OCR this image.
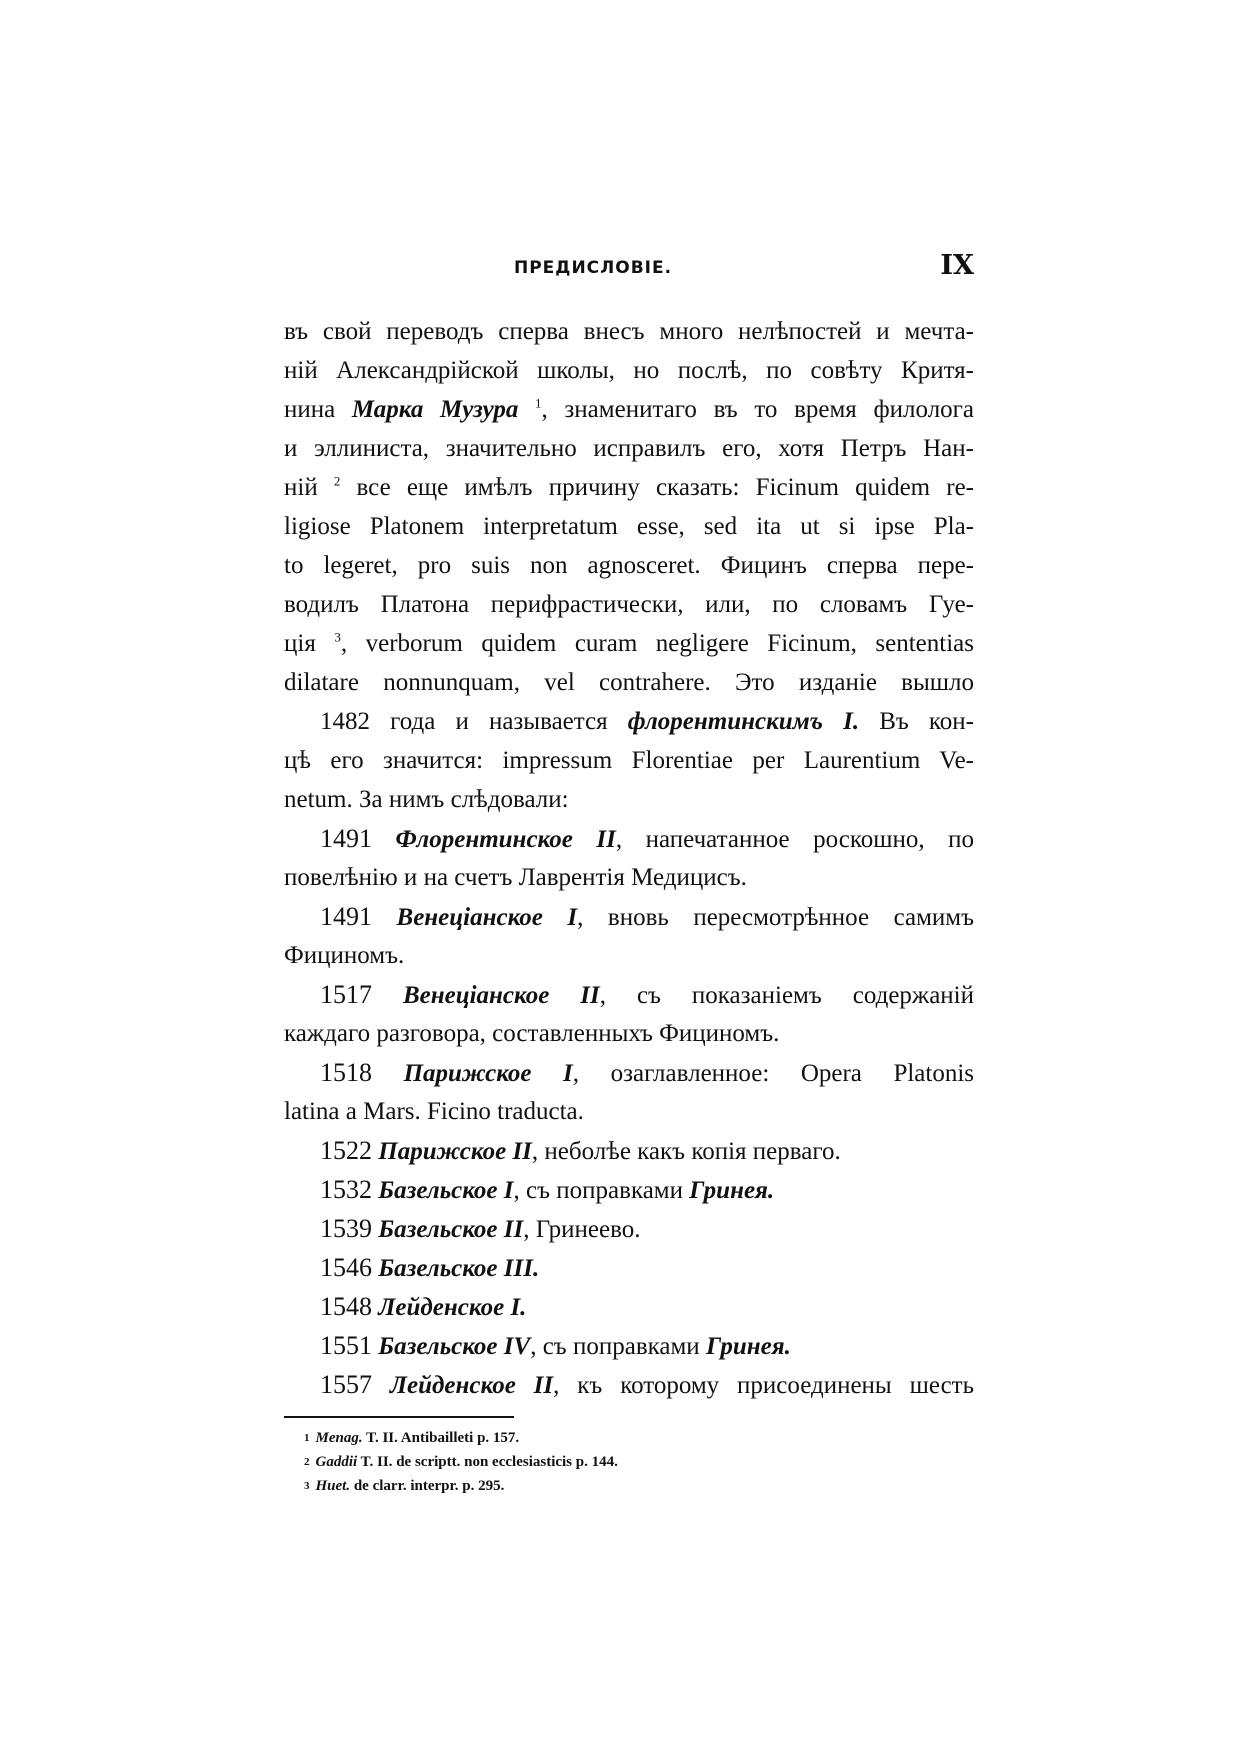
ПРЕДИСЛОВІЕ.	IX
въ свой переводъ сперва внесъ много нелѣпостей и мечта-
ній Александрійской школы, но послѣ, по совѣту Критя-
нина Марка Музура $^1$, знаменитаго въ то время филолога
и эллиниста, значительно исправилъ его, хотя Петръ Нан-
ній $^2$ все еще имѣлъ причину сказать: Ficinum quidem re-
ligiose Platonem interpretatum esse, sed ita ut si ipse Pla-
to legeret, pro suis non agnosceret. Фицинъ сперва пере-
водилъ Платона перифрастически, или, по словамъ Гуе-
ція $^3$, verborum quidem curam negligere Ficinum, sententias
dilatare nonnunquam, vel contrahere. Это изданіе вышло
1482 года и называется флорентинскимъ I. Въ кон-
цѣ его значится: impressum Florentiae per Laurentium Ve-
netum. За нимъ слѣдовали:
1491 Флорентинское II, напечатанное роскошно, по
повелѣнію и на счетъ Лаврентія Медицисъ.
1491 Венеціанское I, вновь пересмотрѣнное самимъ
Фициномъ.
1517 Венеціанское II, съ показаніемъ содержаній
каждаго разговора, составленныхъ Фициномъ.
1518 Парижское I, озаглавленное: Opera Platonis
latina a Mars. Ficino traducta.
1522 Парижское II, неболѣе какъ копія перваго.
1532 Базельское I, съ поправками Гринея.
1539 Базельское II, Гринеево.
1546 Базельское III.
1548 Лейденское I.
1551 Базельское IV, съ поправками Гринея.
1557 Лейденское II, къ которому присоединены шесть
$^1$ Menag. T. II. Antibailleti p. 157.
$^2$ Gaddii T. II. de scriptt. non ecclesiasticis p. 144.
$^3$ Huet. de clarr. interpr. p. 295.
